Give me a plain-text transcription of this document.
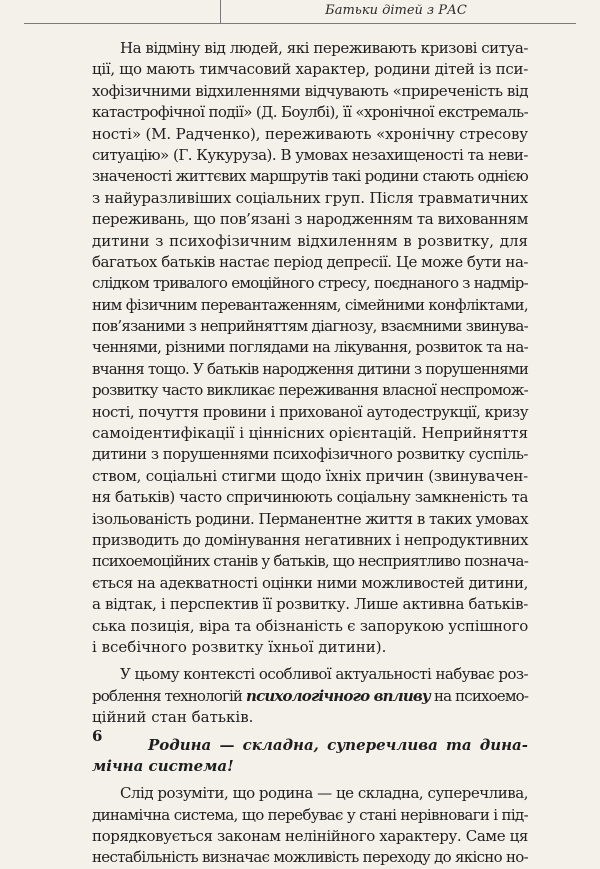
Батьки дітей з РАС
На відміну від людей, які переживають кризові ситуа-
ції, що мають тимчасовий характер, родини дітей із пси-
хофізичними відхиленнями відчувають «приреченість від
катастрофічної події» (Д. Боулбі), її «хронічної екстремаль-
ності» (М. Радченко), переживають «хронічну стресову
ситуацію» (Г. Кукуруза). В умовах незахищеності та неви-
значеності життєвих маршрутів такі родини стають однією
з найуразливіших соціальних груп. Після травматичних
переживань, що пов’язані з народженням та вихованням
дитини з психофізичним відхиленням в розвитку, для
багатьох батьків настає період депресії. Це може бути на-
слідком тривалого емоційного стресу, поєднаного з надмір-
ним фізичним перевантаженням, сімейними конфліктами,
пов’язаними з неприйняттям діагнозу, взаємними звинува-
ченнями, різними поглядами на лікування, розвиток та на-
вчання тощо. У батьків народження дитини з порушеннями
розвитку часто викликає переживання власної неспромож-
ності, почуття провини і прихованої аутодеструкції, кризу
самоідентифікації і ціннісних орієнтацій. Неприйняття
дитини з порушеннями психофізичного розвитку суспіль-
ством, соціальні стигми щодо їхніх причин (звинувачен-
ня батьків) часто спричинюють соціальну замкненість та
ізольованість родини. Перманентне життя в таких умовах
призводить до домінування негативних і непродуктивних
психоемоційних станів у батьків, що несприятливо познача-
ється на адекватності оцінки ними можливостей дитини,
а відтак, і перспектив її розвитку. Лише активна батьків-
ська позиція, віра та обізнаність є запорукою успішного
і всебічного розвитку їхньої дитини).
У цьому контексті особливої актуальності набуває роз-
роблення технологій психологічного впливу на психоемо-
ційний стан батьків.
Родина — складна, суперечлива та дина-
мічна система!
Слід розуміти, що родина — це складна, суперечлива,
динамічна система, що перебуває у стані нерівноваги і під-
порядковується законам нелінійного характеру. Саме ця
нестабільність визначає можливість переходу до якісно но-
6
